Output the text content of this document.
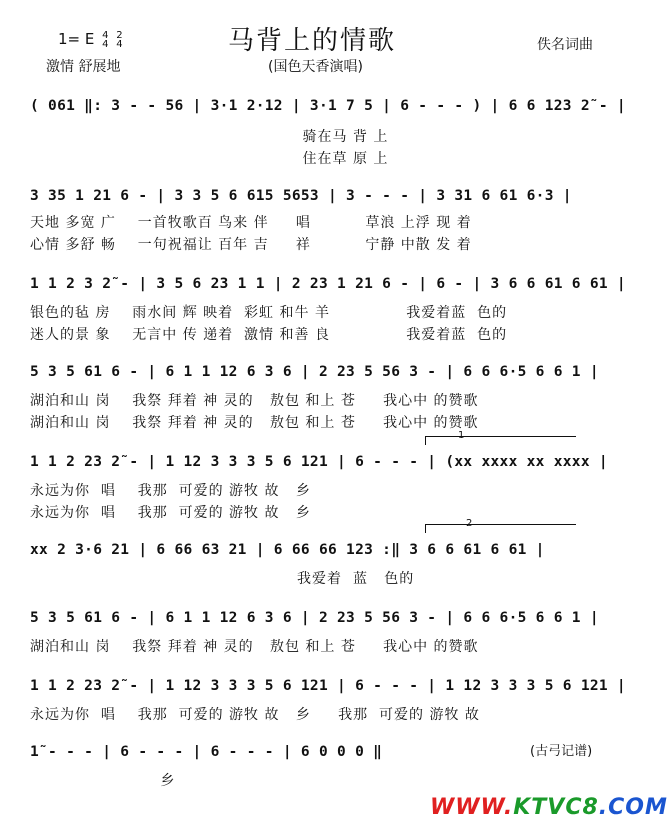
1= E 4
4

2
4	马背上的情歌	佚名词曲
激情 舒展地	(国色天香演唱)
( 061 ‖: 3 - - 56 | 3·1 2·12 | 3·1 7 5 | 6 - - - ) | 6 6 123 2̃ - |
骑在马 背 上
住在草 原 上
3 35 1 21 6 - | 3 3 5 6 615 5653 | 3 - - - | 3 31 6 61 6·3 |
天地 多宽 广    一首牧歌百 鸟来 伴     唱          草浪 上浮 现 着
心情 多舒 畅    一句祝福让 百年 吉     祥          宁静 中散 发 着
1 1 2 3 2̃ - | 3 5 6 23 1 1 | 2 23 1 21 6 - | 6 - | 3 6 6 61 6 61 |
银色的毡 房    雨水间 辉 映着  彩虹 和牛 羊              我爱着蓝  色的
迷人的景 象    无言中 传 递着  激情 和善 良              我爱着蓝  色的
5 3 5 61 6 - | 6 1 1 12 6 3 6 | 2 23 5 56 3 - | 6 6 6·5 6 6 1 |
湖泊和山 岗    我祭 拜着 神 灵的   敖包 和上 苍     我心中 的赞歌
湖泊和山 岗    我祭 拜着 神 灵的   敖包 和上 苍     我心中 的赞歌
1
1 1 2 23 2̃ - | 1 12 3 3 3 5 6 121 | 6 - - - | (xx xxxx xx xxxx |
永远为你  唱    我那  可爱的 游牧 故   乡
永远为你  唱    我那  可爱的 游牧 故   乡
2
xx 2 3·6 21 | 6 66 63 21 | 6 66 66 123 :‖ 3 6 6 61 6 61 |
我爱着  蓝   色的
5 3 5 61 6 - | 6 1 1 12 6 3 6 | 2 23 5 56 3 - | 6 6 6·5 6 6 1 |
湖泊和山 岗    我祭 拜着 神 灵的   敖包 和上 苍     我心中 的赞歌
1 1 2 23 2̃ - | 1 12 3 3 3 5 6 121 | 6 - - - | 1 12 3 3 3 5 6 121 |
永远为你  唱    我那  可爱的 游牧 故   乡     我那  可爱的 游牧 故
1̃ - - - | 6 - - - | 6 - - - | 6 0 0 0 ‖
乡
(古弓记谱)
WWW.KTVC8.COM
